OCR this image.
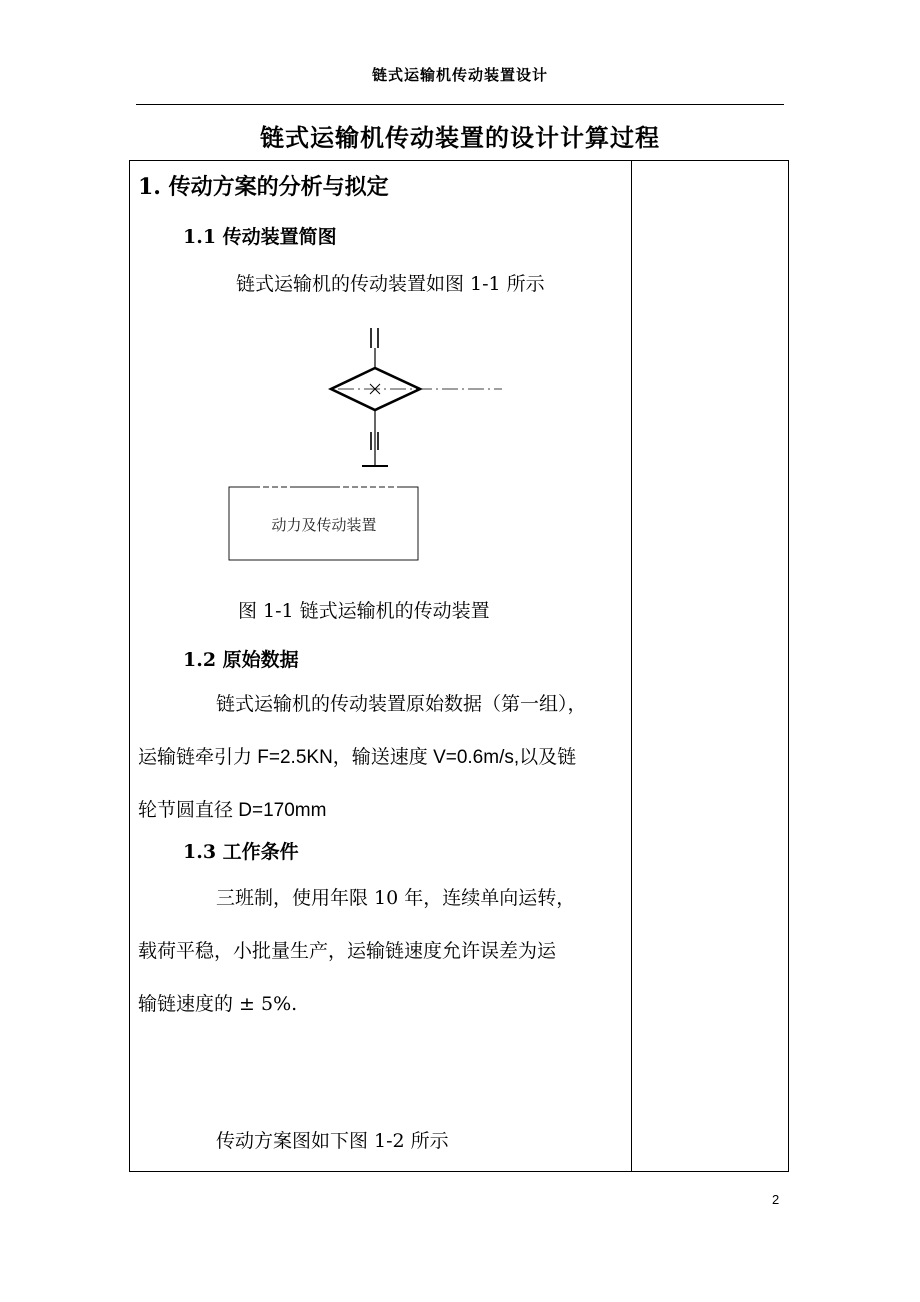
链式运输机传动装置设计
链式运输机传动装置的设计计算过程
1. 传动方案的分析与拟定
1.1 传动装置简图
链式运输机的传动装置如图 1-1 所示
动力及传动装置
图 1-1 链式运输机的传动装置
1.2 原始数据
链式运输机的传动装置原始数据（第一组），
运输链牵引力 F=2.5KN，输送速度 V=0.6m/s,以及链
轮节圆直径 D=170mm
1.3 工作条件
三班制，使用年限 10 年，连续单向运转，
载荷平稳，小批量生产，运输链速度允许误差为运
输链速度的 ± 5%.
传动方案图如下图 1-2 所示
2
